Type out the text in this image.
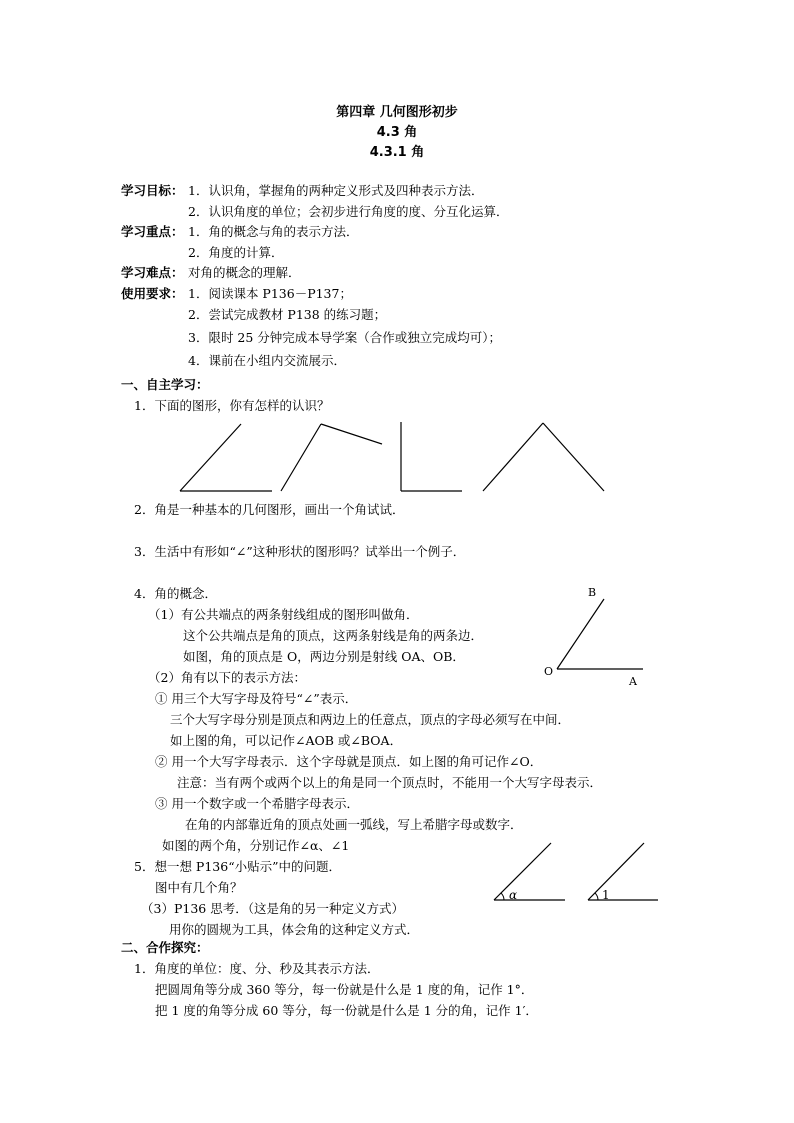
第四章 几何图形初步
4.3 角
4.3.1 角
学习目标： 1．认识角，掌握角的两种定义形式及四种表示方法．
2．认识角度的单位；会初步进行角度的度、分互化运算．
学习重点： 1．角的概念与角的表示方法．
2．角度的计算．
学习难点： 对角的概念的理解．
使用要求： 1．阅读课本 P136－P137；
2．尝试完成教材 P138 的练习题；
3．限时 25 分钟完成本导学案（合作或独立完成均可）；
4．课前在小组内交流展示．
一、自主学习：
1．下面的图形，你有怎样的认识？
2．角是一种基本的几何图形，画出一个角试试．
3．生活中有形如“∠”这种形状的图形吗？试举出一个例子．
4．角的概念．
（1）有公共端点的两条射线组成的图形叫做角．
这个公共端点是角的顶点，这两条射线是角的两条边．
如图，角的顶点是 O，两边分别是射线 OA、OB．
B
O
A
（2）角有以下的表示方法：
① 用三个大写字母及符号“∠”表示．
三个大写字母分别是顶点和两边上的任意点，顶点的字母必须写在中间．
如上图的角，可以记作∠AOB 或∠BOA．
② 用一个大写字母表示．这个字母就是顶点．如上图的角可记作∠O．
注意：当有两个或两个以上的角是同一个顶点时，不能用一个大写字母表示．
③ 用一个数字或一个希腊字母表示．
在角的内部靠近角的顶点处画一弧线，写上希腊字母或数字．
如图的两个角，分别记作∠α、∠1
5．想一想 P136“小贴示”中的问题．
图中有几个角？
（3）P136 思考．（这是角的另一种定义方式）
用你的圆规为工具，体会角的这种定义方式．
α	1
二、合作探究：
1．角度的单位：度、分、秒及其表示方法．
把圆周角等分成 360 等分，每一份就是什么是 1 度的角，记作 1°．
把 1 度的角等分成 60 等分，每一份就是什么是 1 分的角，记作 1′．
